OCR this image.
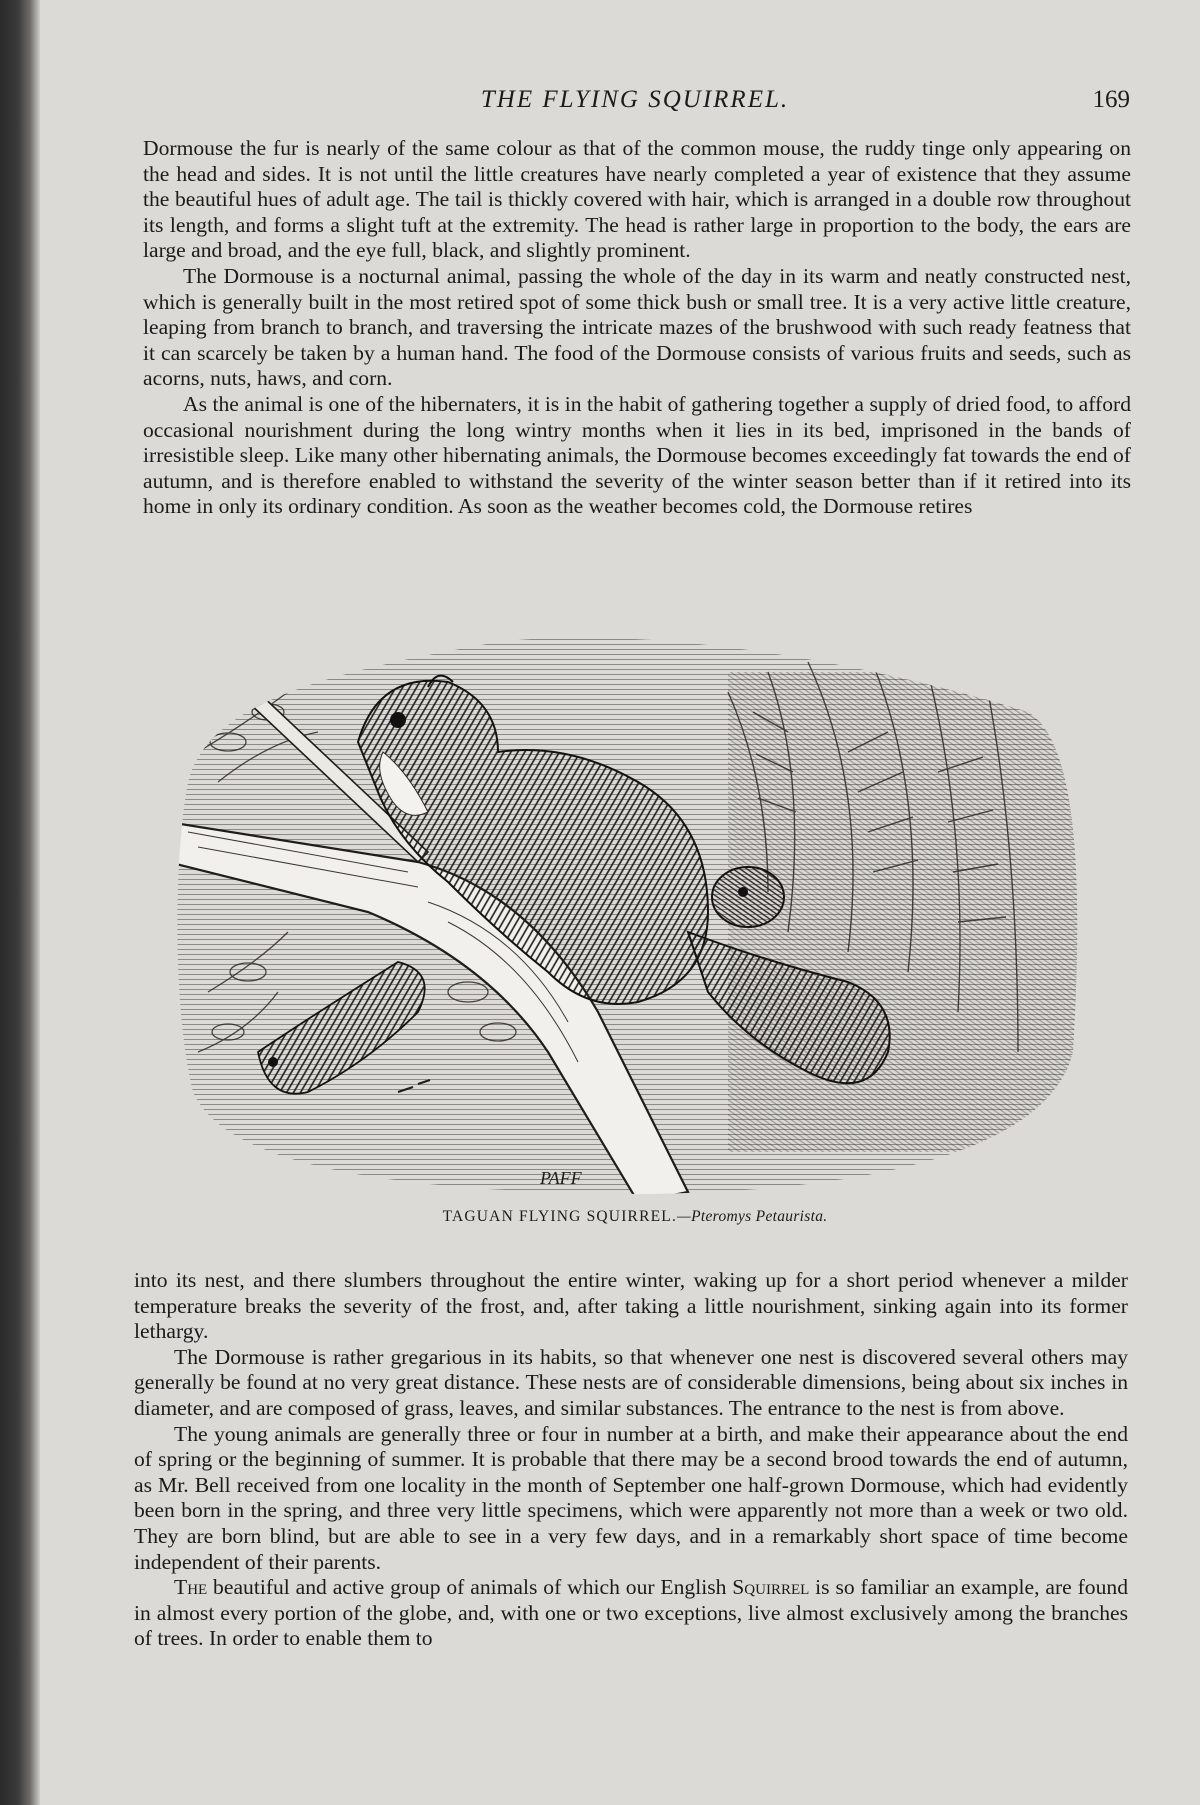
THE FLYING SQUIRREL.	169

Dormouse the fur is nearly of the same colour as that of the common mouse, the ruddy tinge only appearing on the head and sides. It is not until the little creatures have nearly completed a year of existence that they assume the beautiful hues of adult age. The tail is thickly covered with hair, which is arranged in a double row throughout its length, and forms a slight tuft at the extremity. The head is rather large in proportion to the body, the ears are large and broad, and the eye full, black, and slightly prominent.

The Dormouse is a nocturnal animal, passing the whole of the day in its warm and neatly constructed nest, which is generally built in the most retired spot of some thick bush or small tree. It is a very active little creature, leaping from branch to branch, and traversing the intricate mazes of the brushwood with such ready featness that it can scarcely be taken by a human hand. The food of the Dormouse consists of various fruits and seeds, such as acorns, nuts, haws, and corn.

As the animal is one of the hibernaters, it is in the habit of gathering together a supply of dried food, to afford occasional nourishment during the long wintry months when it lies in its bed, imprisoned in the bands of irresistible sleep. Like many other hibernating animals, the Dormouse becomes exceedingly fat towards the end of autumn, and is therefore enabled to withstand the severity of the winter season better than if it retired into its home in only its ordinary condition. As soon as the weather becomes cold, the Dormouse retires

PAFF
TAGUAN FLYING SQUIRREL.—Pteromys Petaurista.

into its nest, and there slumbers throughout the entire winter, waking up for a short period whenever a milder temperature breaks the severity of the frost, and, after taking a little nourishment, sinking again into its former lethargy.

The Dormouse is rather gregarious in its habits, so that whenever one nest is discovered several others may generally be found at no very great distance. These nests are of considerable dimensions, being about six inches in diameter, and are composed of grass, leaves, and similar substances. The entrance to the nest is from above.

The young animals are generally three or four in number at a birth, and make their appearance about the end of spring or the beginning of summer. It is probable that there may be a second brood towards the end of autumn, as Mr. Bell received from one locality in the month of September one half-grown Dormouse, which had evidently been born in the spring, and three very little specimens, which were apparently not more than a week or two old. They are born blind, but are able to see in a very few days, and in a remarkably short space of time become independent of their parents.

The beautiful and active group of animals of which our English Squirrel is so familiar an example, are found in almost every portion of the globe, and, with one or two exceptions, live almost exclusively among the branches of trees. In order to enable them to
